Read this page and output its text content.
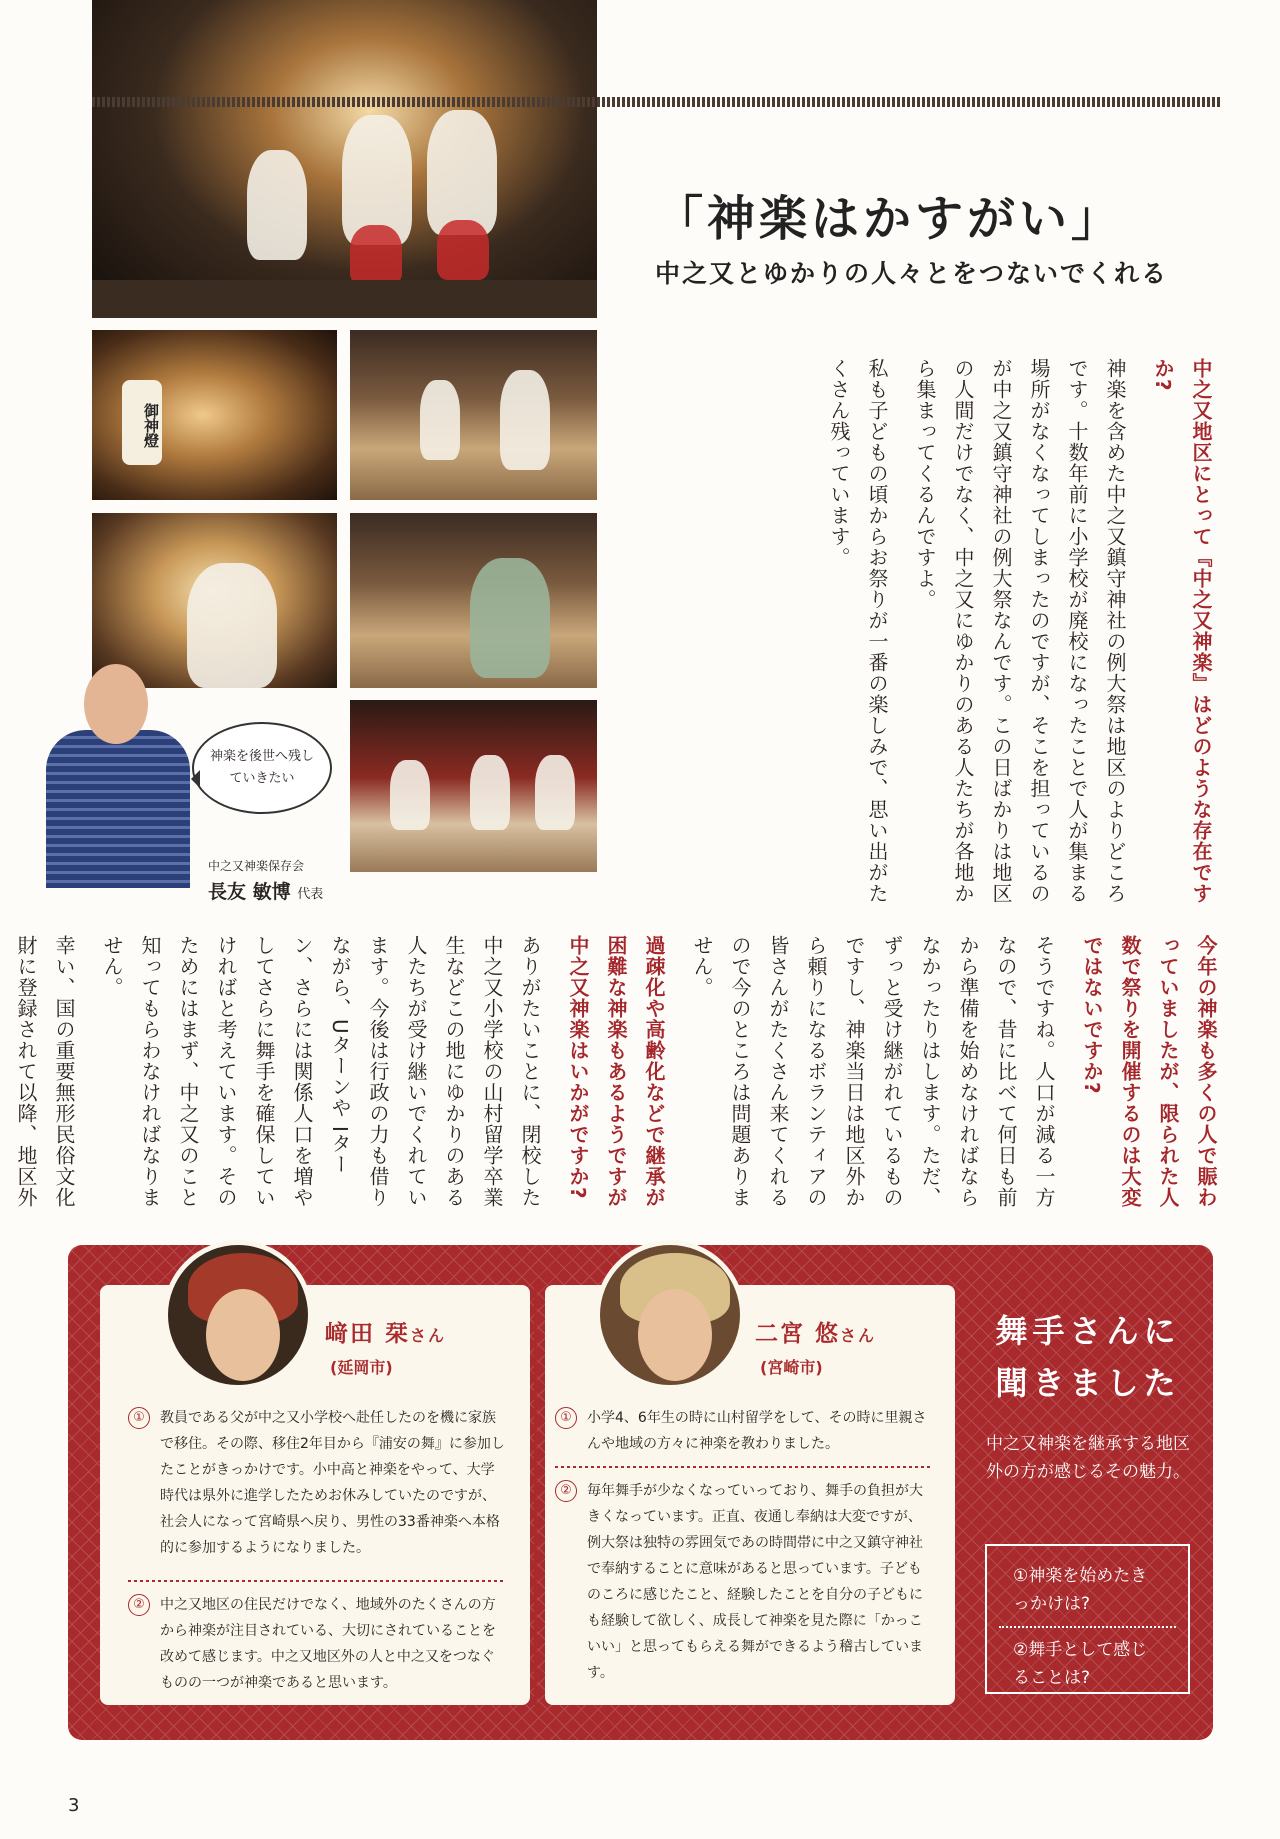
「神楽はかすがい」
中之又とゆかりの人々とをつないでくれる
御神燈
神楽を後世へ残していきたい
中之又神楽保存会
長友 敏博 代表	中之又地区にとって『中之又神楽』はどのような存在ですか?

神楽を含めた中之又鎮守神社の例大祭は地区のよりどころです。十数年前に小学校が廃校になったことで人が集まる場所がなくなってしまったのですが、そこを担っているのが中之又鎮守神社の例大祭なんです。この日ばかりは地区の人間だけでなく、中之又にゆかりのある人たちが各地から集まってくるんですよ。

私も子どもの頃からお祭りが一番の楽しみで、思い出がたくさん残っています。

今年の神楽も多くの人で賑わっていましたが、限られた人数で祭りを開催するのは大変ではないですか?

そうですね。人口が減る一方なので、昔に比べて何日も前から準備を始めなければならなかったりはします。ただ、ずっと受け継がれているものですし、神楽当日は地区外から頼りになるボランティアの皆さんがたくさん来てくれるので今のところは問題ありません。

過疎化や高齢化などで継承が困難な神楽もあるようですが中之又神楽はいかがですか?

ありがたいことに、閉校した中之又小学校の山村留学卒業生などこの地にゆかりのある人たちが受け継いでくれています。今後は行政の力も借りながら、Uターンや Iターン、さらには関係人口を増やしてさらに舞手を確保していければと考えています。そのためにはまず、中之又のこと知ってもらわなければなりません。

幸い、国の重要無形民俗文化財に登録されて以降、地区外

﨑田 栞さん
(延岡市)
①	教員である父が中之又小学校へ赴任したのを機に家族で移住。その際、移住2年目から『浦安の舞』に参加したことがきっかけです。小中高と神楽をやって、大学時代は県外に進学したためお休みしていたのですが、社会人になって宮崎県へ戻り、男性の33番神楽へ本格的に参加するようになりました。
②	中之又地区の住民だけでなく、地域外のたくさんの方から神楽が注目されている、大切にされていることを改めて感じます。中之又地区外の人と中之又をつなぐものの一つが神楽であると思います。
二宮 悠さん
(宮崎市)
①	小学4、6年生の時に山村留学をして、その時に里親さんや地域の方々に神楽を教わりました。
②	毎年舞手が少なくなっていっており、舞手の負担が大きくなっています。正直、夜通し奉納は大変ですが、例大祭は独特の雰囲気であの時間帯に中之又鎮守神社で奉納することに意味があると思っています。子どものころに感じたこと、経験したことを自分の子どもにも経験して欲しく、成長して神楽を見た際に「かっこいい」と思ってもらえる舞ができるよう稽古しています。
舞手さんに聞きました
中之又神楽を継承する地区外の方が感じるその魅力。
①神楽を始めたきっかけは?
②舞手として感じることは?
3
